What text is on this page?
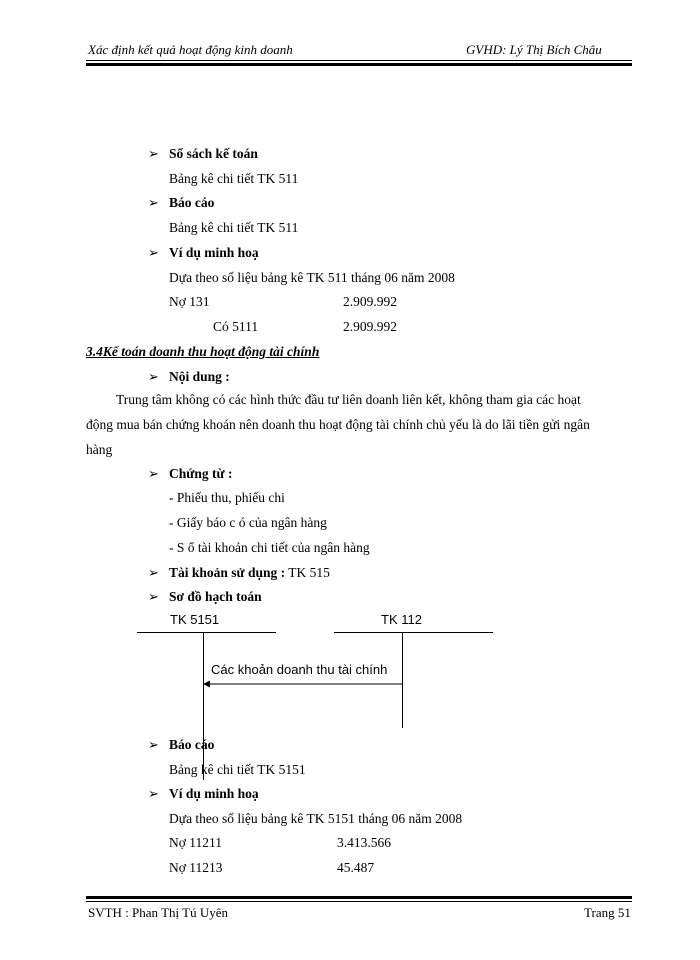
Xác định kết quả hoạt động kinh doanh	GVHD: Lý Thị Bích Châu
➢ Sổ sách kế toán
Bảng kê chi tiết TK 511
➢ Báo cáo
Bảng kê chi tiết TK 511
➢ Ví dụ minh hoạ
Dựa theo số liệu bảng kê TK 511 tháng 06 năm 2008
Nợ 131	2.909.992
Có 5111	2.909.992
3.4Kế toán doanh thu hoạt động tài chính
➢ Nội dung :
Trung tâm không có các hình thức đầu tư liên doanh liên kết, không tham gia các hoạt
động mua bán chứng khoán nên doanh thu hoạt động tài chính chủ yếu là do lãi tiền gửi ngân
hàng
➢ Chứng từ :
- Phiếu thu, phiếu chi
- Giấy báo c ó của ngân hàng
- S ổ tài khoản chi tiết của ngân hàng
➢ Tài khoản sử dụng : TK 515
➢ Sơ đồ hạch toán
TK 5151	TK 112
Các khoản doanh thu tài chính
➢ Báo cáo
Bảng kê chi tiết TK 5151
➢ Ví dụ minh hoạ
Dựa theo số liệu bảng kê TK 5151 tháng 06 năm 2008
Nợ 11211	3.413.566
Nợ 11213	45.487
SVTH : Phan Thị Tú Uyên	Trang 51
